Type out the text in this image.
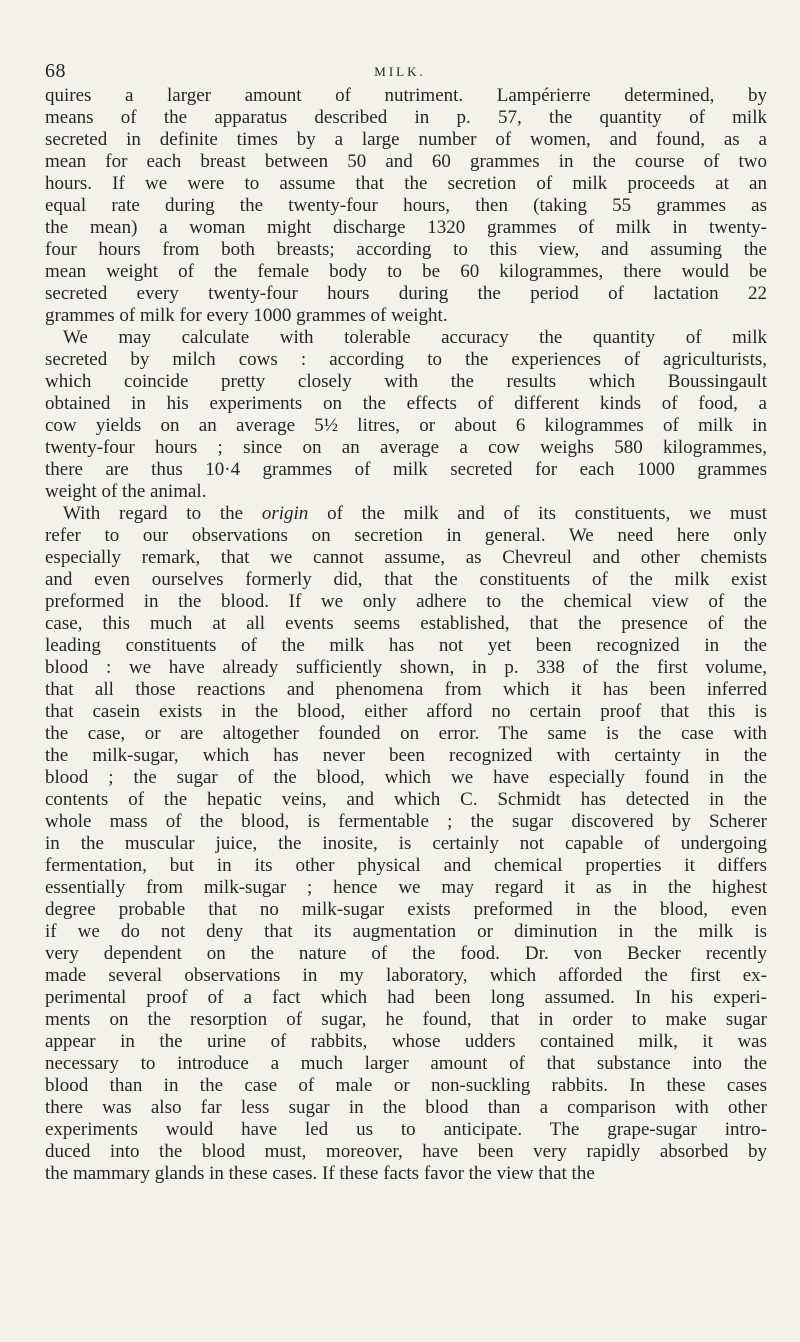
68	MILK.
quires a larger amount of nutriment. Lampérierre determined, by
means of the apparatus described in p. 57, the quantity of milk
secreted in definite times by a large number of women, and found, as a
mean for each breast between 50 and 60 grammes in the course of two
hours. If we were to assume that the secretion of milk proceeds at an
equal rate during the twenty-four hours, then (taking 55 grammes as
the mean) a woman might discharge 1320 grammes of milk in twenty-
four hours from both breasts; according to this view, and assuming the
mean weight of the female body to be 60 kilogrammes, there would be
secreted every twenty-four hours during the period of lactation 22
grammes of milk for every 1000 grammes of weight.
We may calculate with tolerable accuracy the quantity of milk
secreted by milch cows : according to the experiences of agriculturists,
which coincide pretty closely with the results which Boussingault
obtained in his experiments on the effects of different kinds of food, a
cow yields on an average 5½ litres, or about 6 kilogrammes of milk in
twenty-four hours ; since on an average a cow weighs 580 kilogrammes,
there are thus 10·4 grammes of milk secreted for each 1000 grammes
weight of the animal.
With regard to the origin of the milk and of its constituents, we must
refer to our observations on secretion in general. We need here only
especially remark, that we cannot assume, as Chevreul and other chemists
and even ourselves formerly did, that the constituents of the milk exist
preformed in the blood. If we only adhere to the chemical view of the
case, this much at all events seems established, that the presence of the
leading constituents of the milk has not yet been recognized in the
blood : we have already sufficiently shown, in p. 338 of the first volume,
that all those reactions and phenomena from which it has been inferred
that casein exists in the blood, either afford no certain proof that this is
the case, or are altogether founded on error. The same is the case with
the milk-sugar, which has never been recognized with certainty in the
blood ; the sugar of the blood, which we have especially found in the
contents of the hepatic veins, and which C. Schmidt has detected in the
whole mass of the blood, is fermentable ; the sugar discovered by Scherer
in the muscular juice, the inosite, is certainly not capable of undergoing
fermentation, but in its other physical and chemical properties it differs
essentially from milk-sugar ; hence we may regard it as in the highest
degree probable that no milk-sugar exists preformed in the blood, even
if we do not deny that its augmentation or diminution in the milk is
very dependent on the nature of the food. Dr. von Becker recently
made several observations in my laboratory, which afforded the first ex-
perimental proof of a fact which had been long assumed. In his experi-
ments on the resorption of sugar, he found, that in order to make sugar
appear in the urine of rabbits, whose udders contained milk, it was
necessary to introduce a much larger amount of that substance into the
blood than in the case of male or non-suckling rabbits. In these cases
there was also far less sugar in the blood than a comparison with other
experiments would have led us to anticipate. The grape-sugar intro-
duced into the blood must, moreover, have been very rapidly absorbed by
the mammary glands in these cases. If these facts favor the view that the
